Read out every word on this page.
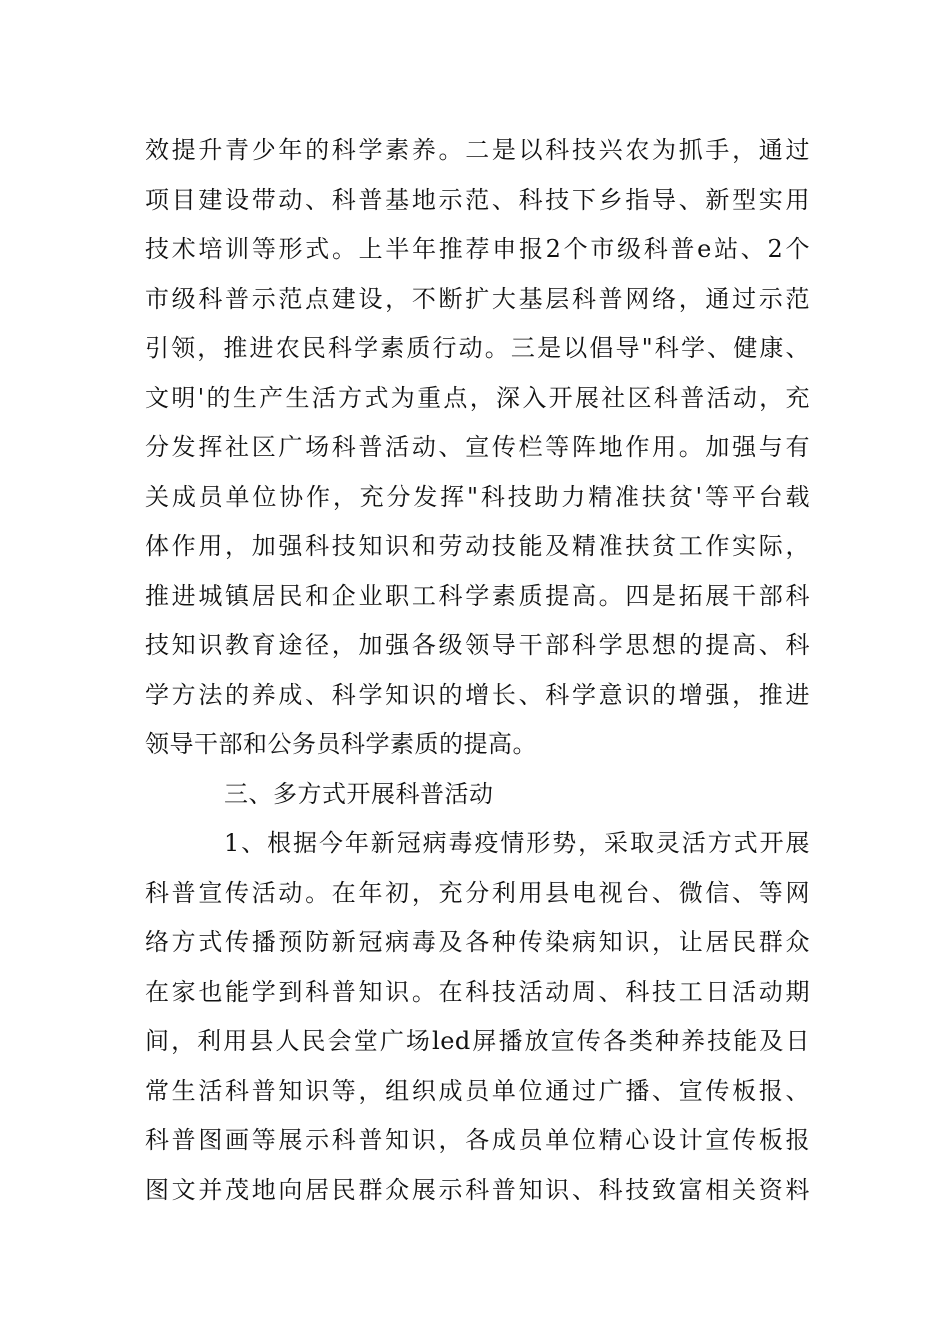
效提升青少年的科学素养。二是以科技兴农为抓手，通过
项目建设带动、科普基地示范、科技下乡指导、新型实用
技术培训等形式。上半年推荐申报2个市级科普e站、2个
市级科普示范点建设，不断扩大基层科普网络，通过示范
引领，推进农民科学素质行动。三是以倡导"科学、健康、
文明'的生产生活方式为重点，深入开展社区科普活动，充
分发挥社区广场科普活动、宣传栏等阵地作用。加强与有
关成员单位协作，充分发挥"科技助力精准扶贫'等平台载
体作用，加强科技知识和劳动技能及精准扶贫工作实际，
推进城镇居民和企业职工科学素质提高。四是拓展干部科
技知识教育途径，加强各级领导干部科学思想的提高、科
学方法的养成、科学知识的增长、科学意识的增强，推进
领导干部和公务员科学素质的提高。
三、多方式开展科普活动
1、根据今年新冠病毒疫情形势，采取灵活方式开展
科普宣传活动。在年初，充分利用县电视台、微信、等网
络方式传播预防新冠病毒及各种传染病知识，让居民群众
在家也能学到科普知识。在科技活动周、科技工日活动期
间，利用县人民会堂广场led屏播放宣传各类种养技能及日
常生活科普知识等，组织成员单位通过广播、宣传板报、
科普图画等展示科普知识，各成员单位精心设计宣传板报
图文并茂地向居民群众展示科普知识、科技致富相关资料
